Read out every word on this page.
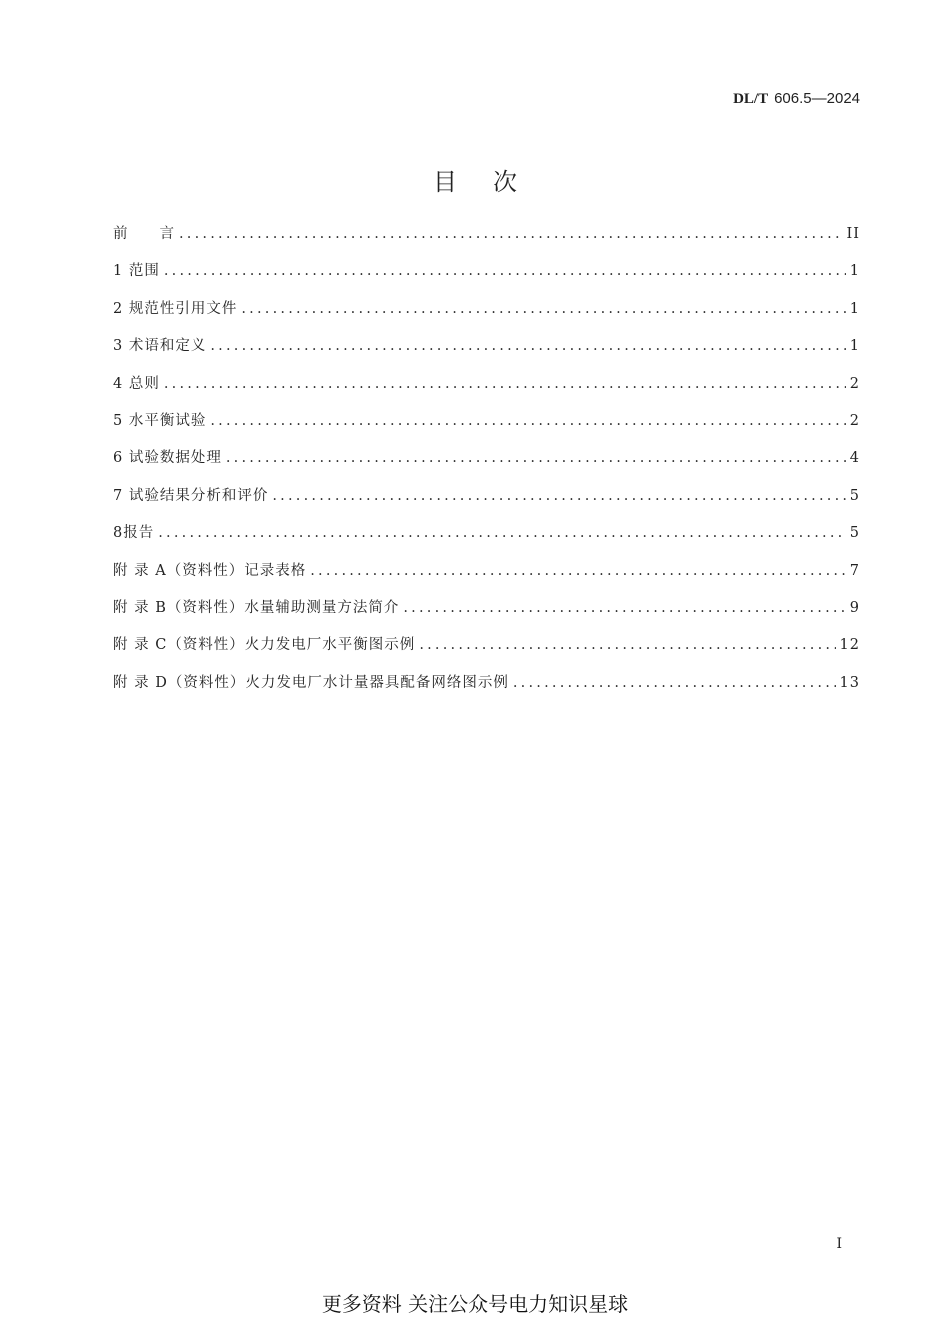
DL/T 606.5—2024
目次
前　　言 .....	II
1 范围 .....	1
2 规范性引用文件 .....	1
3 术语和定义 .....	1
4 总则 .....	2
5 水平衡试验 .....	2
6 试验数据处理 .....	4
7 试验结果分析和评价 .....	5
8报告 .....	5
附 录 A（资料性）记录表格 .....	7
附 录 B（资料性）水量辅助测量方法简介 .....	9
附 录 C（资料性）火力发电厂水平衡图示例 .....	12
附 录 D（资料性）火力发电厂水计量器具配备网络图示例 .....	13
I
更多资料 关注公众号电力知识星球
